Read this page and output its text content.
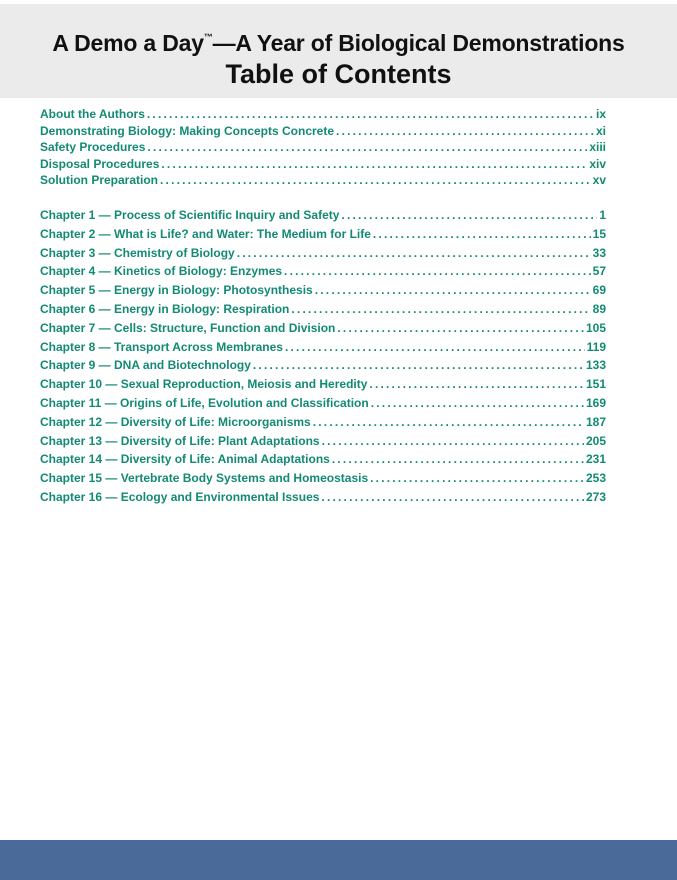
A Demo a Day™—A Year of Biological Demonstrations
Table of Contents
About the Authors .....	ix
Demonstrating Biology: Making Concepts Concrete .....	xi
Safety Procedures .....	xiii
Disposal Procedures .....	xiv
Solution Preparation .....	xv
Chapter 1 — Process of Scientific Inquiry and Safety .....	1
Chapter 2 — What is Life? and Water: The Medium for Life .....	15
Chapter 3 — Chemistry of Biology .....	33
Chapter 4 — Kinetics of Biology: Enzymes .....	57
Chapter 5 — Energy in Biology: Photosynthesis .....	69
Chapter 6 — Energy in Biology: Respiration .....	89
Chapter 7 — Cells: Structure, Function and Division .....	105
Chapter 8 — Transport Across Membranes .....	119
Chapter 9 — DNA and Biotechnology .....	133
Chapter 10 — Sexual Reproduction, Meiosis and Heredity .....	151
Chapter 11 — Origins of Life, Evolution and Classification .....	169
Chapter 12 — Diversity of Life: Microorganisms .....	187
Chapter 13 — Diversity of Life: Plant Adaptations .....	205
Chapter 14 — Diversity of Life: Animal Adaptations .....	231
Chapter 15 — Vertebrate Body Systems and Homeostasis .....	253
Chapter 16 — Ecology and Environmental Issues .....	273
